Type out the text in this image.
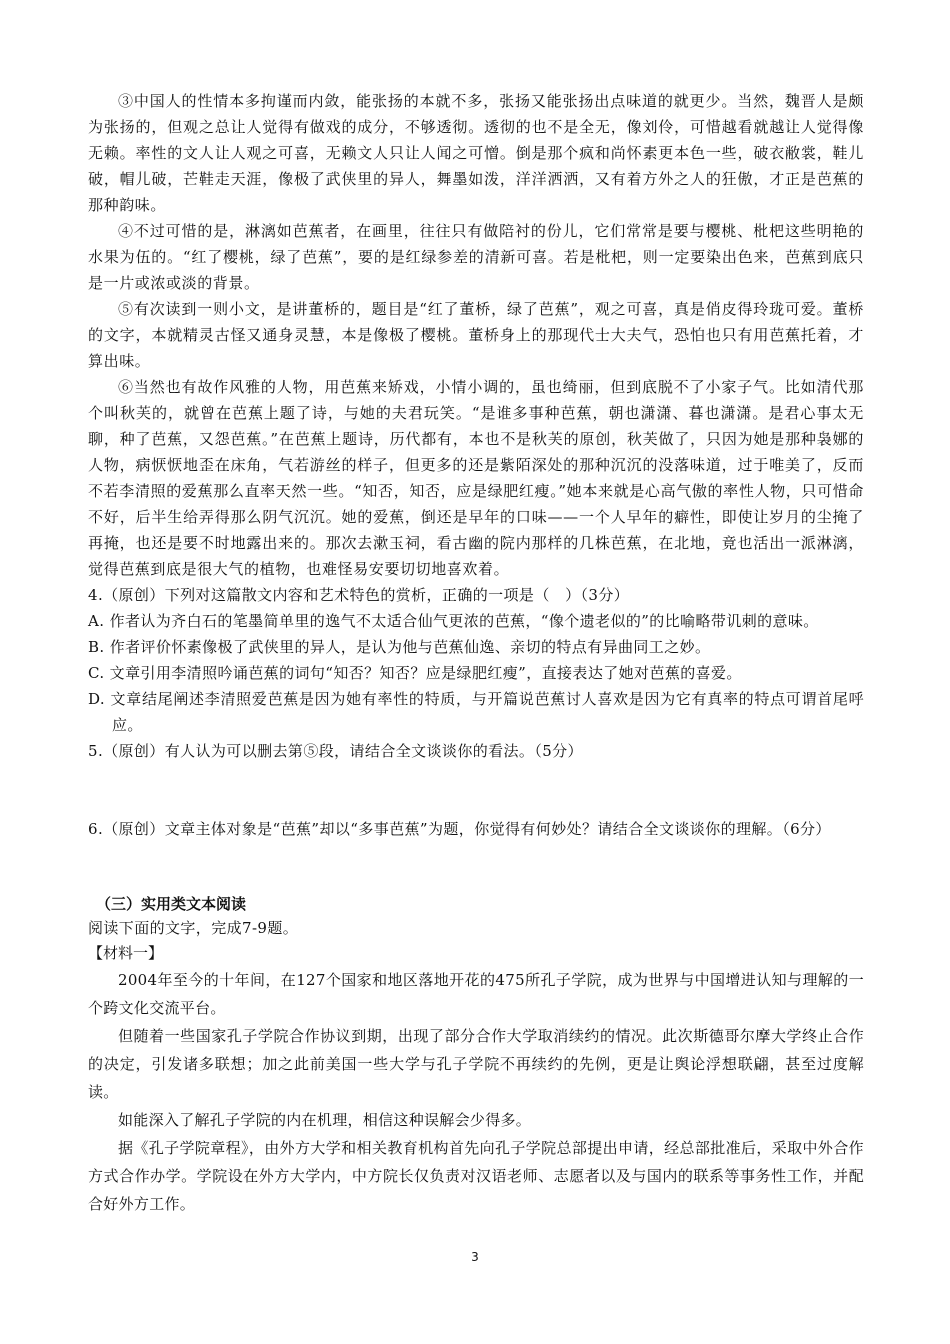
③中国人的性情本多拘谨而内敛，能张扬的本就不多，张扬又能张扬出点味道的就更少。当然，魏晋人是颇为张扬的，但观之总让人觉得有做戏的成分，不够透彻。透彻的也不是全无，像刘伶，可惜越看就越让人觉得像无赖。率性的文人让人观之可喜，无赖文人只让人闻之可憎。倒是那个疯和尚怀素更本色一些，破衣敝裳，鞋儿破，帽儿破，芒鞋走天涯，像极了武侠里的异人，舞墨如泼，洋洋洒洒，又有着方外之人的狂傲，才正是芭蕉的那种韵味。

④不过可惜的是，淋漓如芭蕉者，在画里，往往只有做陪衬的份儿，它们常常是要与樱桃、枇杷这些明艳的水果为伍的。“红了樱桃，绿了芭蕉”，要的是红绿参差的清新可喜。若是枇杷，则一定要染出色来，芭蕉到底只是一片或浓或淡的背景。

⑤有次读到一则小文，是讲董桥的，题目是“红了董桥，绿了芭蕉”，观之可喜，真是俏皮得玲珑可爱。董桥的文字，本就精灵古怪又通身灵慧，本是像极了樱桃。董桥身上的那现代士大夫气，恐怕也只有用芭蕉托着，才算出味。

⑥当然也有故作风雅的人物，用芭蕉来矫戏，小情小调的，虽也绮丽，但到底脱不了小家子气。比如清代那个叫秋芙的，就曾在芭蕉上题了诗，与她的夫君玩笑。“是谁多事种芭蕉，朝也潇潇、暮也潇潇。是君心事太无聊，种了芭蕉，又怨芭蕉。”在芭蕉上题诗，历代都有，本也不是秋芙的原创，秋芙做了，只因为她是那种袅娜的人物，病恹恹地歪在床角，气若游丝的样子，但更多的还是紫陌深处的那种沉沉的没落味道，过于唯美了，反而不若李清照的爱蕉那么直率天然一些。“知否，知否，应是绿肥红瘦。”她本来就是心高气傲的率性人物，只可惜命不好，后半生给弄得那么阴气沉沉。她的爱蕉，倒还是早年的口味——一个人早年的癖性，即使让岁月的尘掩了再掩，也还是要不时地露出来的。那次去漱玉祠，看古幽的院内那样的几株芭蕉，在北地，竟也活出一派淋漓，觉得芭蕉到底是很大气的植物，也难怪易安要切切地喜欢着。

4.（原创）下列对这篇散文内容和艺术特色的赏析，正确的一项是（　）（3分）

A. 作者认为齐白石的笔墨简单里的逸气不太适合仙气更浓的芭蕉，“像个遗老似的”的比喻略带讥刺的意味。

B. 作者评价怀素像极了武侠里的异人，是认为他与芭蕉仙逸、亲切的特点有异曲同工之妙。

C. 文章引用李清照吟诵芭蕉的词句“知否？知否？应是绿肥红瘦”，直接表达了她对芭蕉的喜爱。

D. 文章结尾阐述李清照爱芭蕉是因为她有率性的特质，与开篇说芭蕉讨人喜欢是因为它有真率的特点可谓首尾呼应。

5.（原创）有人认为可以删去第⑤段，请结合全文谈谈你的看法。（5分）

6.（原创）文章主体对象是“芭蕉”却以“多事芭蕉”为题，你觉得有何妙处？请结合全文谈谈你的理解。（6分）

（三）实用类文本阅读

阅读下面的文字，完成7-9题。

【材料一】

2004年至今的十年间，在127个国家和地区落地开花的475所孔子学院，成为世界与中国增进认知与理解的一个跨文化交流平台。

但随着一些国家孔子学院合作协议到期，出现了部分合作大学取消续约的情况。此次斯德哥尔摩大学终止合作的决定，引发诸多联想；加之此前美国一些大学与孔子学院不再续约的先例，更是让舆论浮想联翩，甚至过度解读。

如能深入了解孔子学院的内在机理，相信这种误解会少得多。

据《孔子学院章程》，由外方大学和相关教育机构首先向孔子学院总部提出申请，经总部批准后，采取中外合作方式合作办学。学院设在外方大学内，中方院长仅负责对汉语老师、志愿者以及与国内的联系等事务性工作，并配合好外方工作。

3
